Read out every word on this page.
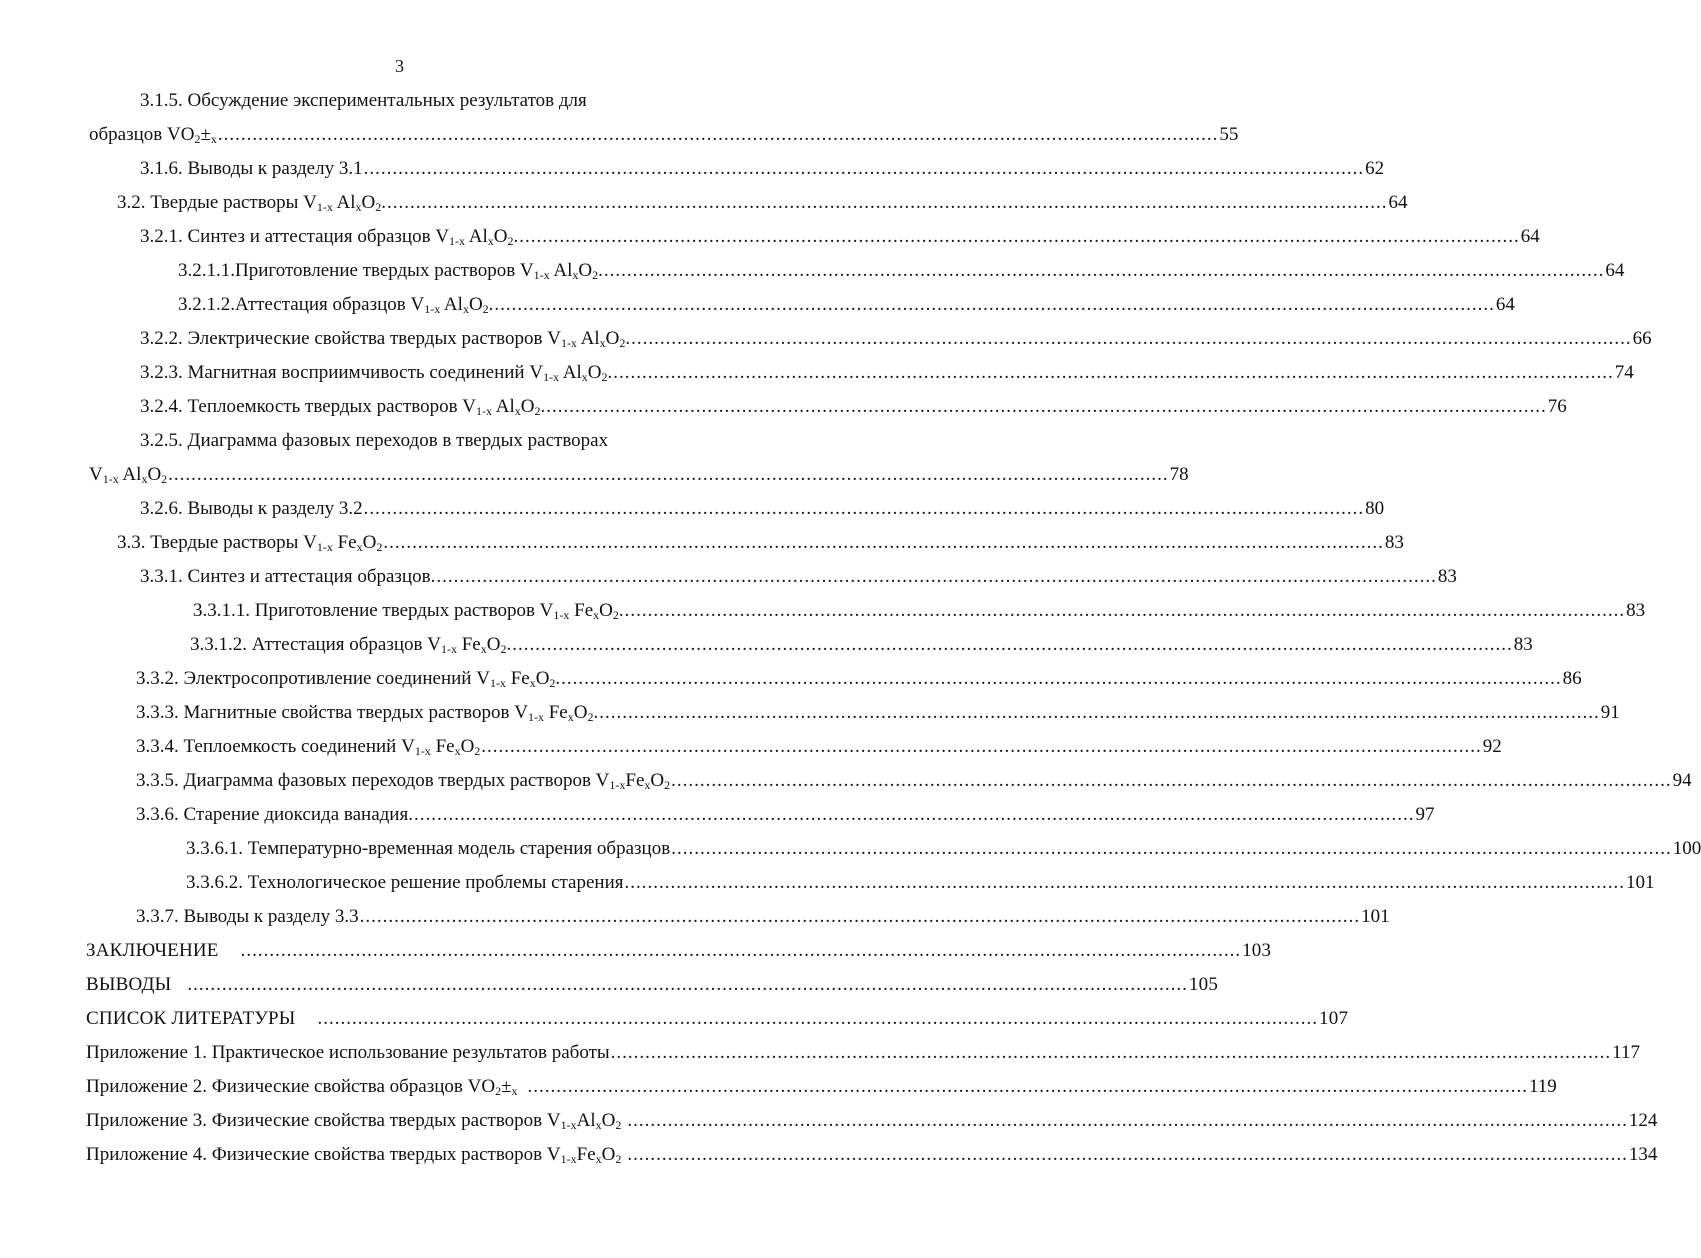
3
3.1.5. Обсуждение экспериментальных результатов для
образцов $VO_2\pm_x$ .............................................................................................................................................................................. 55
3.1.6. Выводы к разделу 3.1 .............................................................................................................................................................................. 62
3.2. Твердые растворы $V_{1-x}$ $Al_xO_2$. .............................................................................................................................................................................. 64
3.2.1. Синтез и аттестация образцов $V_{1-x}$ $Al_xO_2$. .............................................................................................................................................................................. 64
3.2.1.1.Приготовление твердых растворов $V_{1-x}$ $Al_xO_2$. .............................................................................................................................................................................. 64
3.2.1.2.Аттестация образцов $V_{1-x}$ $Al_xO_2$. .............................................................................................................................................................................. 64
3.2.2. Электрические свойства твердых растворов $V_{1-x}$ $Al_xO_2$. .............................................................................................................................................................................. 66
3.2.3. Магнитная восприимчивость соединений $V_{1-x}$ $Al_xO_2$. .............................................................................................................................................................................. 74
3.2.4. Теплоемкость твердых растворов $V_{1-x}$ $Al_xO_2$. .............................................................................................................................................................................. 76
3.2.5. Диаграмма фазовых переходов в твердых растворах
$V_{1-x}$ $Al_xO_2$ .............................................................................................................................................................................. 78
3.2.6. Выводы к разделу 3.2 .............................................................................................................................................................................. 80
3.3. Твердые растворы $V_{1-x}$ $Fe_xO_2$ .............................................................................................................................................................................. 83
3.3.1. Синтез и аттестация образцов. .............................................................................................................................................................................. 83
3.3.1.1. Приготовление твердых растворов $V_{1-x}$ $Fe_xO_2$. .............................................................................................................................................................................. 83
3.3.1.2. Аттестация образцов $V_{1-x}$ $Fe_xO_2$. .............................................................................................................................................................................. 83
3.3.2. Электросопротивление соединений $V_{1-x}$ $Fe_xO_2$. .............................................................................................................................................................................. 86
3.3.3. Магнитные свойства твердых растворов $V_{1-x}$ $Fe_xO_2$. .............................................................................................................................................................................. 91
3.3.4. Теплоемкость соединений $V_{1-x}$ $Fe_xO_2$ .............................................................................................................................................................................. 92
3.3.5. Диаграмма фазовых переходов твердых растворов $V_{1-x}Fe_xO_2$ .............................................................................................................................................................................. 94
3.3.6. Старение диоксида ванадия. .............................................................................................................................................................................. 97
3.3.6.1. Температурно-временная модель старения образцов .............................................................................................................................................................................. 100
3.3.6.2. Технологическое решение проблемы старения .............................................................................................................................................................................. 101
3.3.7. Выводы к разделу 3.3 .............................................................................................................................................................................. 101
ЗАКЛЮЧЕНИЕ .............................................................................................................................................................................. 103
ВЫВОДЫ .............................................................................................................................................................................. 105
СПИСОК ЛИТЕРАТУРЫ .............................................................................................................................................................................. 107
Приложение 1. Практическое использование результатов работы .............................................................................................................................................................................. 117
Приложение 2. Физические свойства образцов $VO_2\pm_x$ .............................................................................................................................................................................. 119
Приложение 3. Физические свойства твердых растворов $V_{1-x}Al_xO_2$ .............................................................................................................................................................................. 124
Приложение 4. Физические свойства твердых растворов $V_{1-x}Fe_xO_2$ .............................................................................................................................................................................. 134
